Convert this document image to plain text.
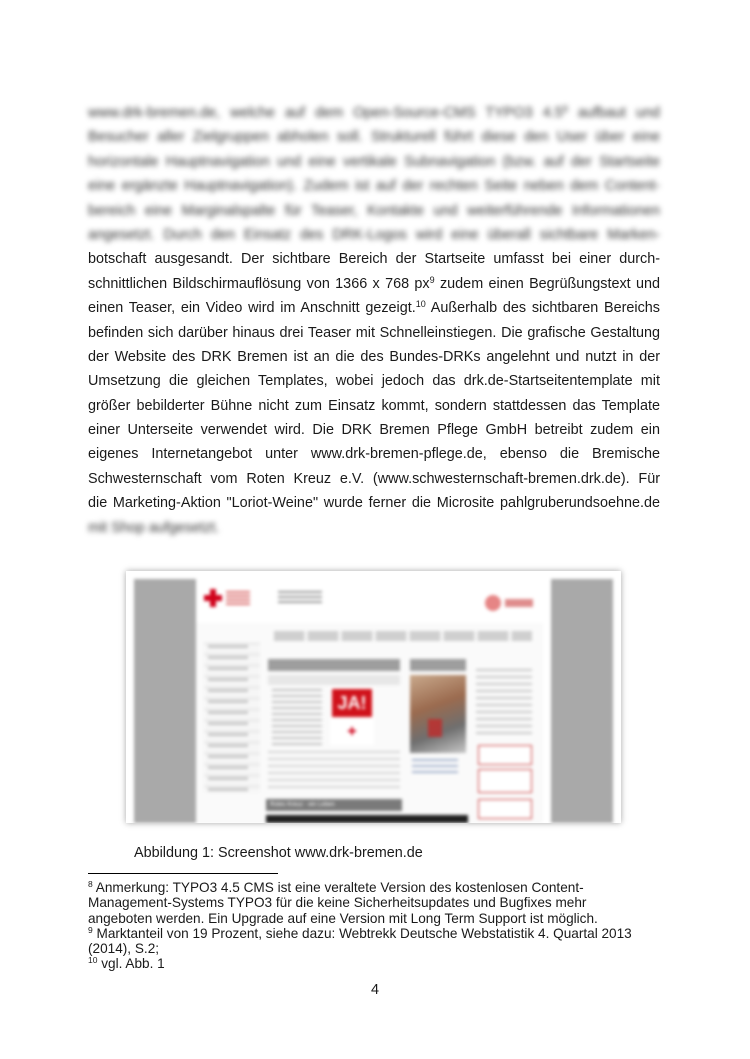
www.drk-bremen.de, welche auf dem Open-Source-CMS TYPO3 $4.5^8$ aufbaut und
Besucher aller Zielgruppen abholen soll. Strukturell führt diese den User über eine
horizontale Hauptnavigation und eine vertikale Subnavigation (bzw. auf der Startseite
eine ergänzte Hauptnavigation). Zudem ist auf der rechten Seite neben dem Content-
bereich eine Marginalspalte für Teaser, Kontakte und weiterführende Informationen
angesetzt. Durch den Einsatz des DRK-Logos wird eine überall sichtbare Marken-
botschaft ausgesandt. Der sichtbare Bereich der Startseite umfasst bei einer durch-
schnittlichen Bildschirmauflösung von 1366 x 768 $px^9$ zudem einen Begrüßungstext und
einen Teaser, ein Video wird im Anschnitt gezeigt.$^{10}$ Außerhalb des sichtbaren Bereichs
befinden sich darüber hinaus drei Teaser mit Schnelleinstiegen. Die grafische Gestaltung
der Website des DRK Bremen ist an die des Bundes-DRKs angelehnt und nutzt in der
Umsetzung die gleichen Templates, wobei jedoch das drk.de-Startseitentemplate mit
größer bebilderter Bühne nicht zum Einsatz kommt, sondern stattdessen das Template
einer Unterseite verwendet wird. Die DRK Bremen Pflege GmbH betreibt zudem ein
eigenes Internetangebot unter www.drk-bremen-pflege.de, ebenso die Bremische
Schwesternschaft vom Roten Kreuz e.V. (www.schwesternschaft-bremen.drk.de). Für
die Marketing-Aktion "Loriot-Weine" wurde ferner die Microsite pahlgruberundsoehne.de
mit Shop aufgesetzt.
JA!
Rotes Kreuz - ein Leben
Abbildung 1: Screenshot www.drk-bremen.de

$^8$ Anmerkung: TYPO3 4.5 CMS ist eine veraltete Version des kostenlosen Content-Management-Systems TYPO3 für die keine Sicherheitsupdates und Bugfixes mehr angeboten werden. Ein Upgrade auf eine Version mit Long Term Support ist möglich.

$^9$ Marktanteil von 19 Prozent, siehe dazu: Webtrekk Deutsche Webstatistik 4. Quartal 2013 (2014), S.2;

$^{10}$ vgl. Abb. 1

4
